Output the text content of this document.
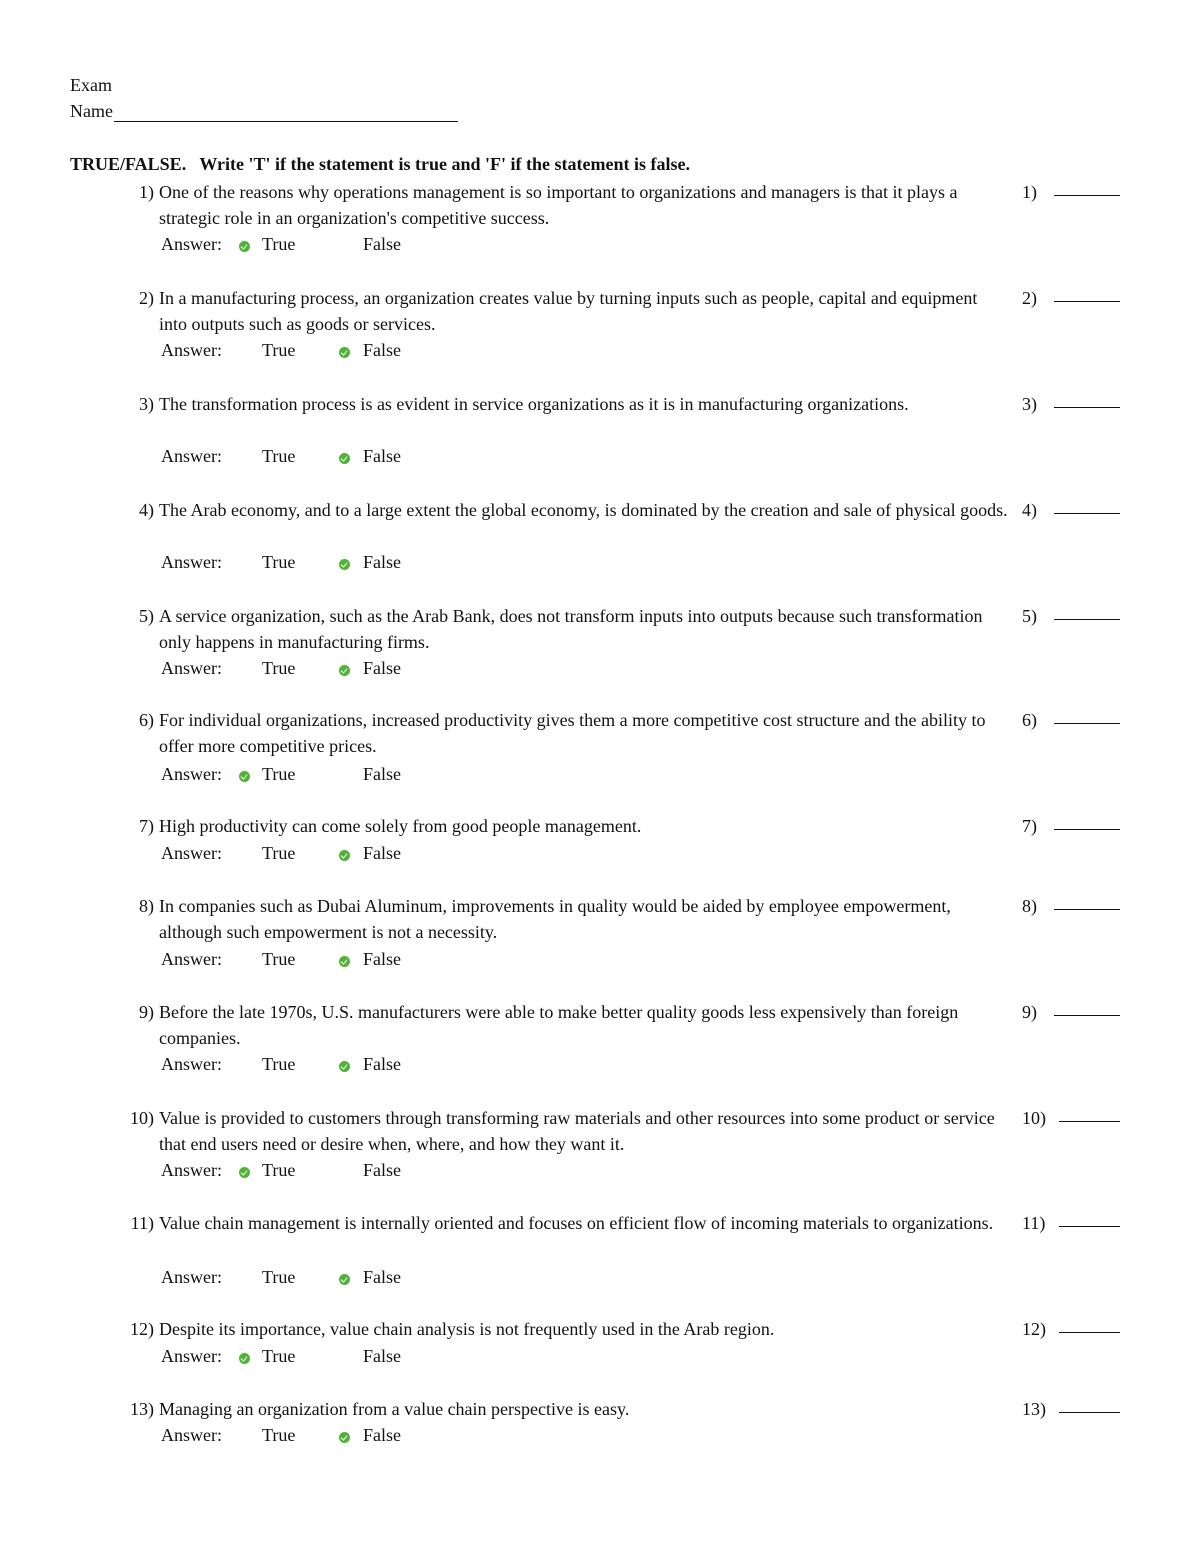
Exam
Name
TRUE/FALSE.   Write 'T' if the statement is true and 'F' if the statement is false.
1) One of the reasons why operations management is so important to organizations and managers is that it plays a strategic role in an organization's competitive success.
1)
Answer: True	False
2) In a manufacturing process, an organization creates value by turning inputs such as people, capital and equipment into outputs such as goods or services.
2)
Answer: True	False
3) The transformation process is as evident in service organizations as it is in manufacturing organizations.	3)
Answer: True	False
4) The Arab economy, and to a large extent the global economy, is dominated by the creation and sale of physical goods. 4)
Answer: True	False
5) A service organization, such as the Arab Bank, does not transform inputs into outputs because such transformation only happens in manufacturing firms.
5)
Answer: True	False
6) For individual organizations, increased productivity gives them a more competitive cost structure and the ability to offer more competitive prices.
6)
Answer: True	False
7) High productivity can come solely from good people management.	7)
Answer: True	False
8) In companies such as Dubai Aluminum, improvements in quality would be aided by employee empowerment, although such empowerment is not a necessity.
8)
Answer: True	False
9) Before the late 1970s, U.S. manufacturers were able to make better quality goods less expensively than foreign companies.
9)
Answer: True	False
10) Value is provided to customers through transforming raw materials and other resources into some product or service that end users need or desire when, where, and how they want it.
10)
Answer: True	False
11) Value chain management is internally oriented and focuses on efficient flow of incoming materials to organizations.	11)
Answer: True	False
12) Despite its importance, value chain analysis is not frequently used in the Arab region.	12)
Answer: True	False
13) Managing an organization from a value chain perspective is easy.	13)
Answer: True	False
